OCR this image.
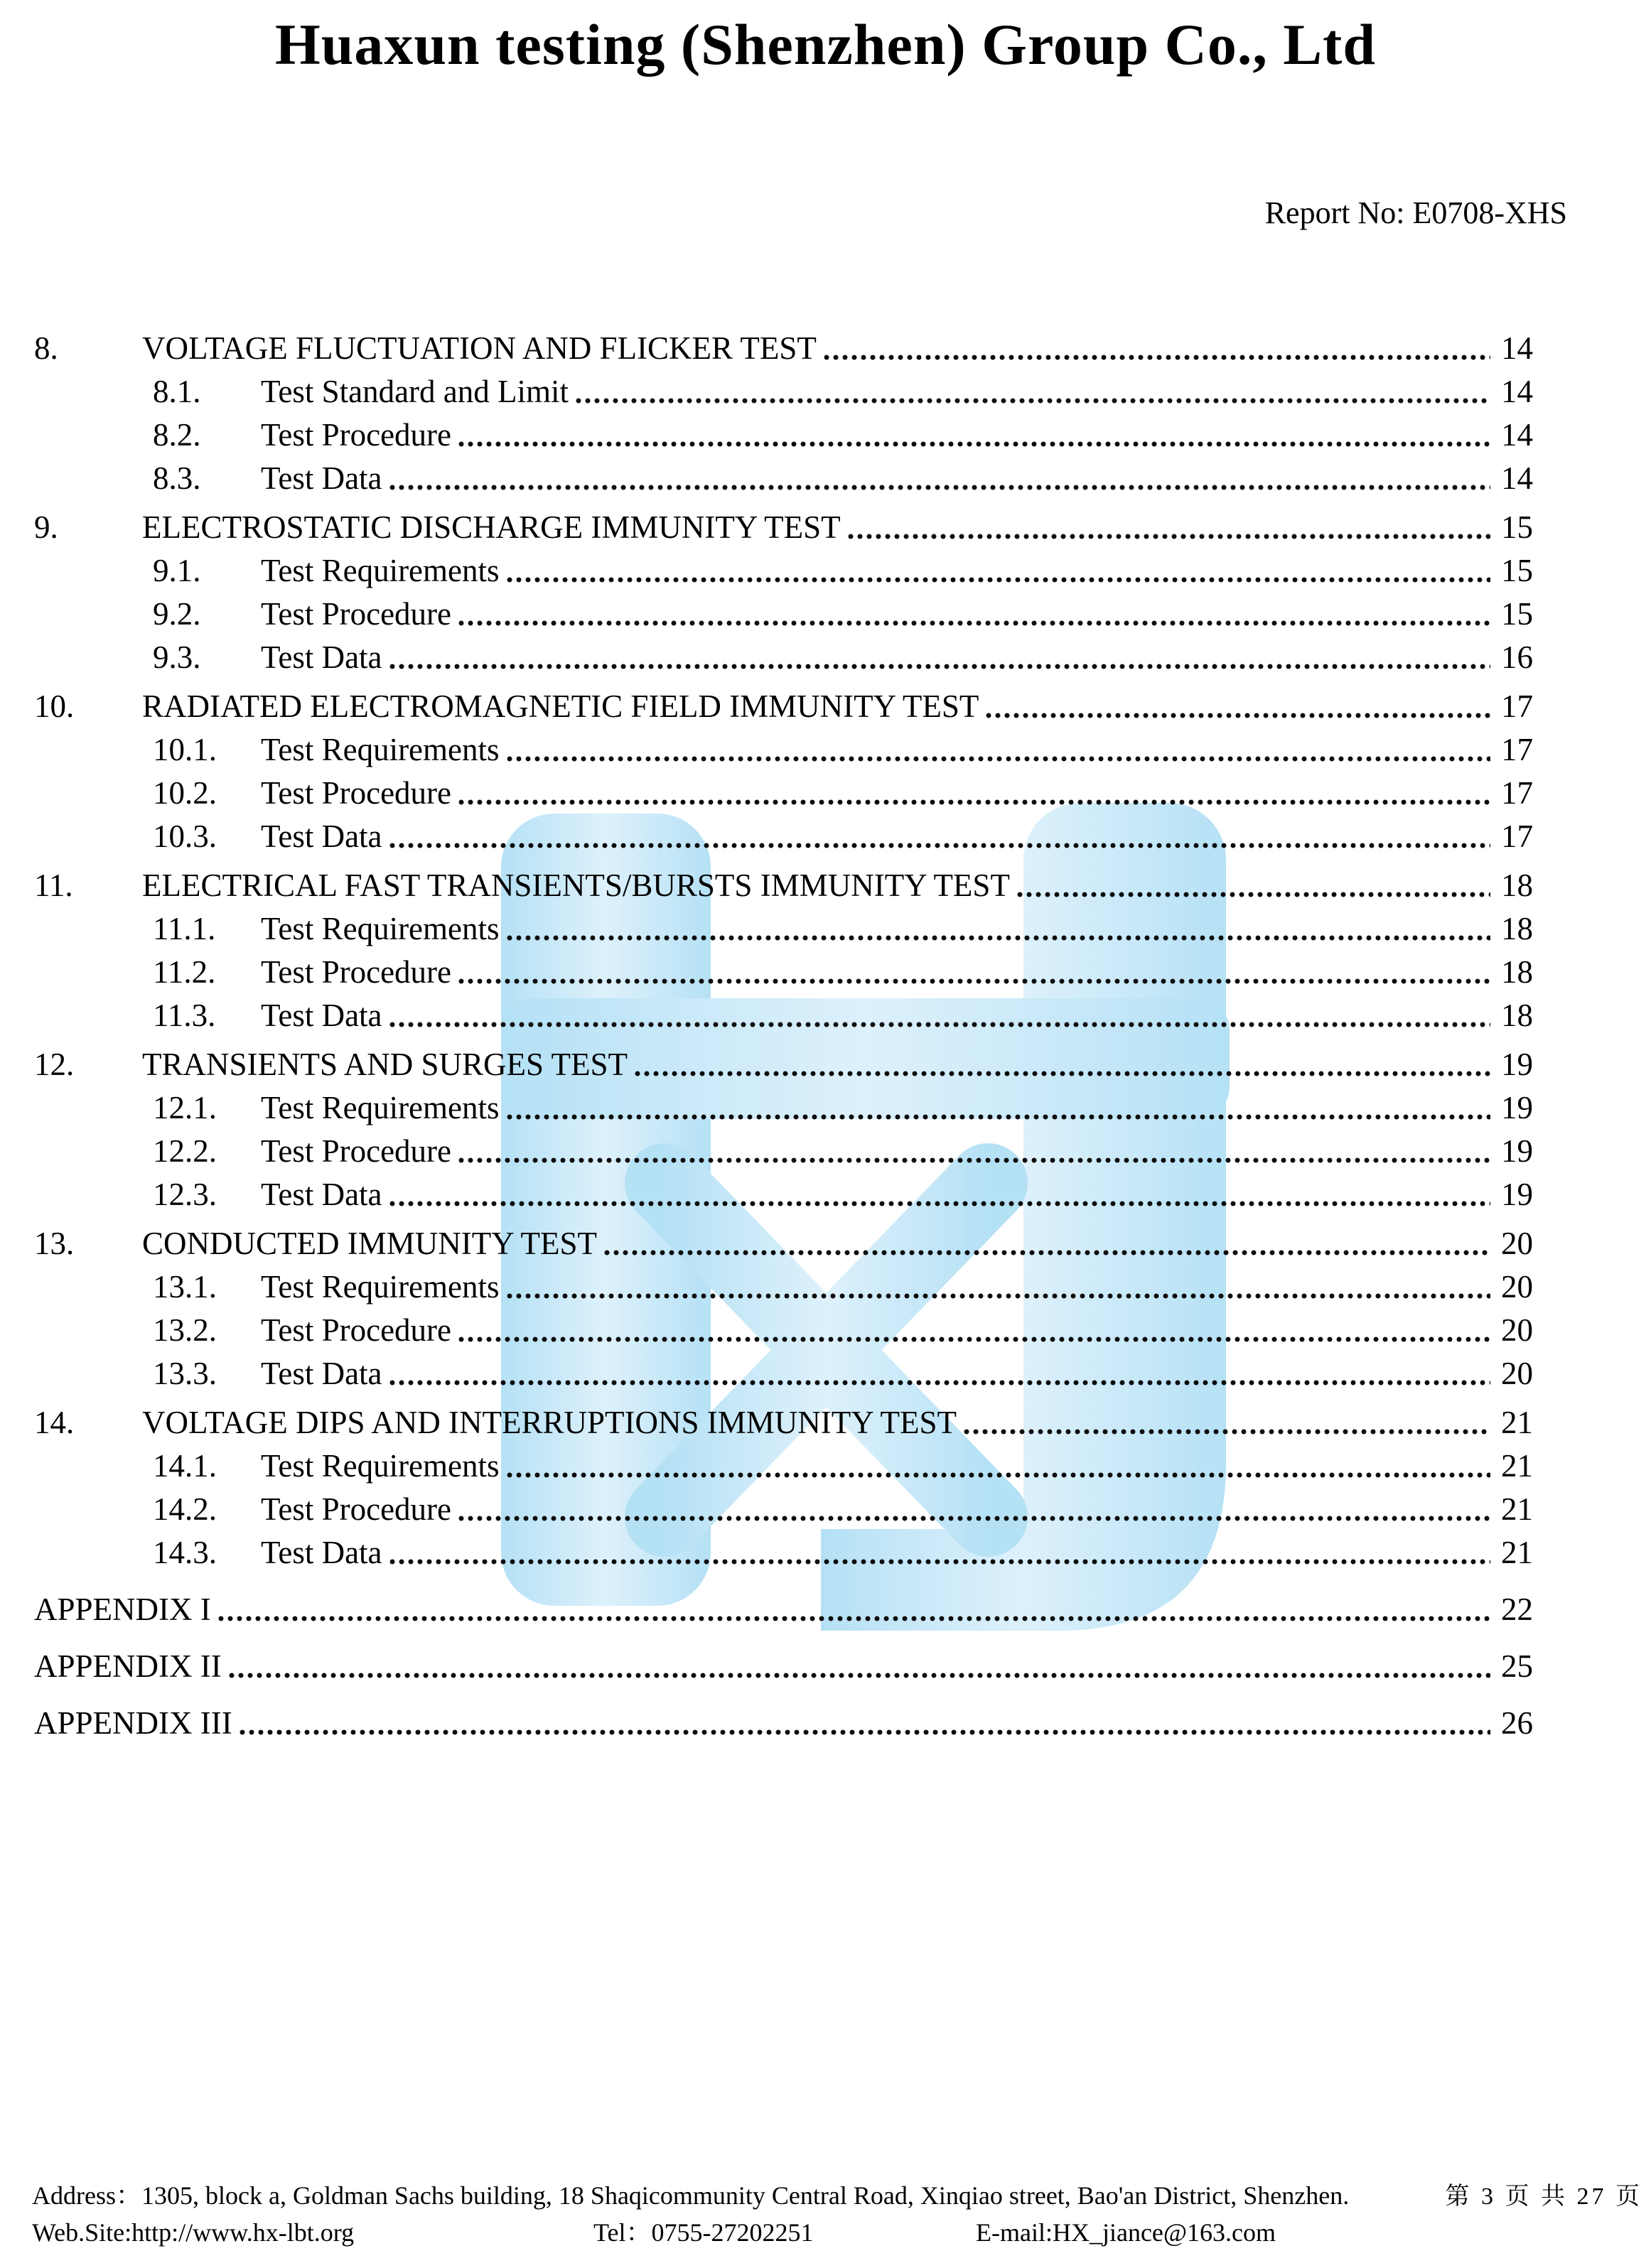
Huaxun testing (Shenzhen) Group Co., Ltd
Report No: E0708-XHS
8.	VOLTAGE FLUCTUATION AND FLICKER TEST	14
8.1.	Test Standard and Limit	14
8.2.	Test Procedure	14
8.3.	Test Data	14
9.	ELECTROSTATIC DISCHARGE IMMUNITY TEST	15
9.1.	Test Requirements	15
9.2.	Test Procedure	15
9.3.	Test Data	16
10.	RADIATED ELECTROMAGNETIC FIELD IMMUNITY TEST	17
10.1.	Test Requirements	17
10.2.	Test Procedure	17
10.3.	Test Data	17
11.	ELECTRICAL FAST TRANSIENTS/BURSTS IMMUNITY TEST	18
11.1.	Test Requirements	18
11.2.	Test Procedure	18
11.3.	Test Data	18
12.	TRANSIENTS AND SURGES TEST	19
12.1.	Test Requirements	19
12.2.	Test Procedure	19
12.3.	Test Data	19
13.	CONDUCTED IMMUNITY TEST	20
13.1.	Test Requirements	20
13.2.	Test Procedure	20
13.3.	Test Data	20
14.	VOLTAGE DIPS AND INTERRUPTIONS IMMUNITY TEST	21
14.1.	Test Requirements	21
14.2.	Test Procedure	21
14.3.	Test Data	21
APPENDIX I	22
APPENDIX II	25
APPENDIX III	26
Address：1305, block a, Goldman Sachs building, 18 Shaqicommunity Central Road, Xinqiao street, Bao'an District, Shenzhen.	第 3 页 共 27 页
Web.Site:http://www.hx-lbt.org	Tel：0755-27202251	E-mail:HX_jiance@163.com
